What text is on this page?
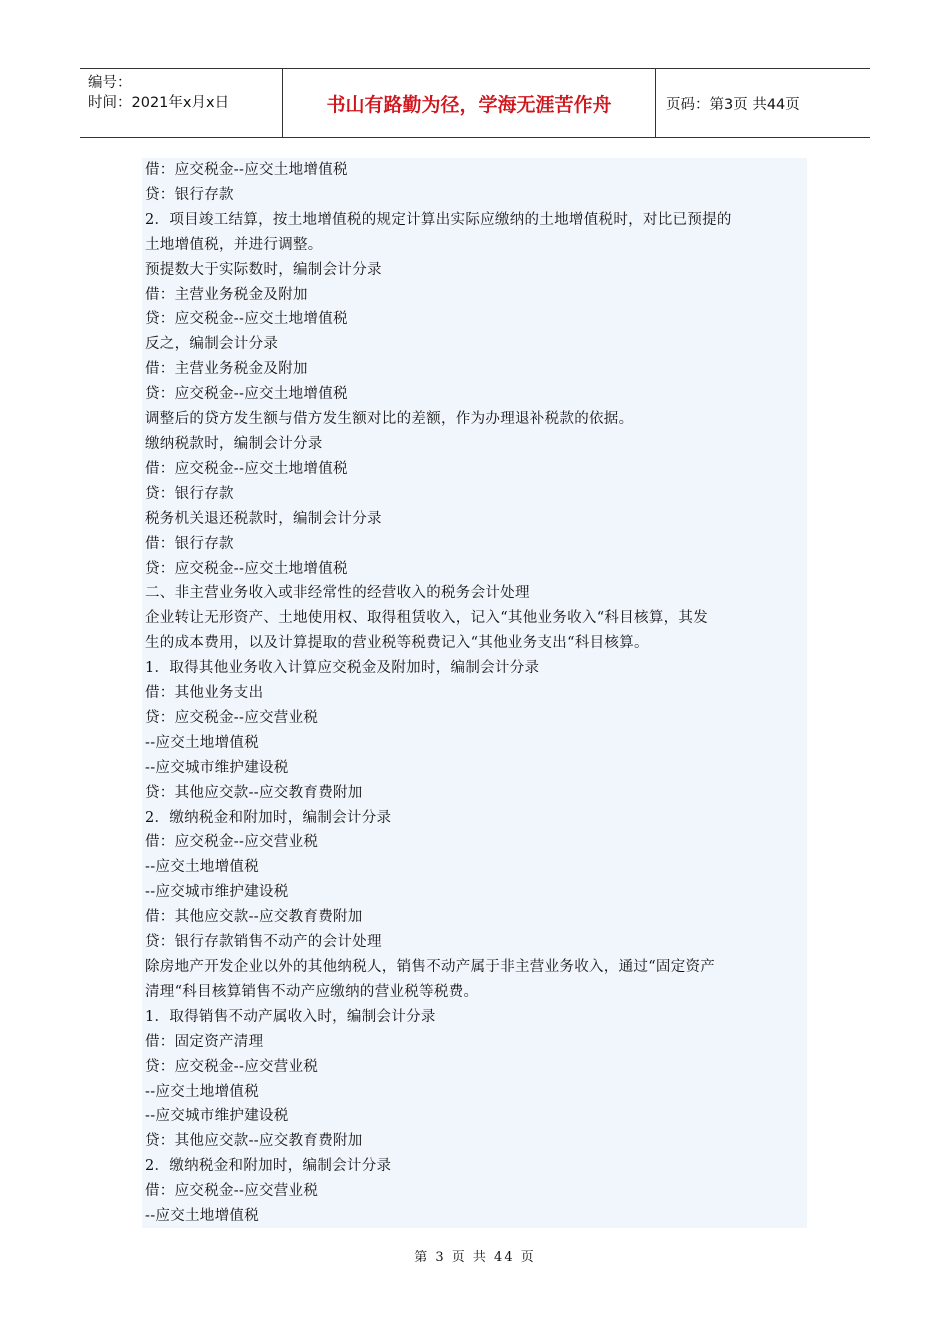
编号：
时间：2021年x月x日	书山有路勤为径，学海无涯苦作舟	页码：第3页 共44页
借：应交税金--应交土地增值税
贷：银行存款
2．项目竣工结算，按土地增值税的规定计算出实际应缴纳的土地增值税时，对比已预提的
土地增值税，并进行调整。
预提数大于实际数时，编制会计分录
借：主营业务税金及附加
贷：应交税金--应交土地增值税
反之，编制会计分录
借：主营业务税金及附加
贷：应交税金--应交土地增值税
调整后的贷方发生额与借方发生额对比的差额，作为办理退补税款的依据。
缴纳税款时，编制会计分录
借：应交税金--应交土地增值税
贷：银行存款
税务机关退还税款时，编制会计分录
借：银行存款
贷：应交税金--应交土地增值税
二、非主营业务收入或非经常性的经营收入的税务会计处理
企业转让无形资产、土地使用权、取得租赁收入，记入“其他业务收入“科目核算，其发
生的成本费用，以及计算提取的营业税等税费记入“其他业务支出“科目核算。
1．取得其他业务收入计算应交税金及附加时，编制会计分录
借：其他业务支出
贷：应交税金--应交营业税
--应交土地增值税
--应交城市维护建设税
贷：其他应交款--应交教育费附加
2．缴纳税金和附加时，编制会计分录
借：应交税金--应交营业税
--应交土地增值税
--应交城市维护建设税
借：其他应交款--应交教育费附加
贷：银行存款销售不动产的会计处理
除房地产开发企业以外的其他纳税人，销售不动产属于非主营业务收入，通过“固定资产
清理“科目核算销售不动产应缴纳的营业税等税费。
1．取得销售不动产属收入时，编制会计分录
借：固定资产清理
贷：应交税金--应交营业税
--应交土地增值税
--应交城市维护建设税
贷：其他应交款--应交教育费附加
2．缴纳税金和附加时，编制会计分录
借：应交税金--应交营业税
--应交土地增值税
第 3 页 共 44 页
